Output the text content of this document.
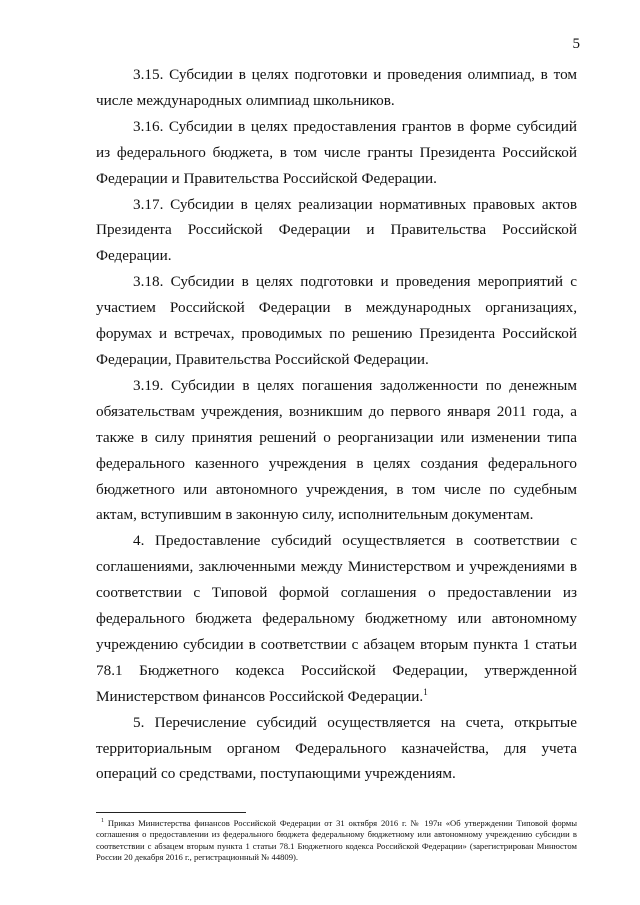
5

3.15. Субсидии в целях подготовки и проведения олимпиад, в том числе международных олимпиад школьников.

3.16. Субсидии в целях предоставления грантов в форме субсидий из федерального бюджета, в том числе гранты Президента Российской Федерации и Правительства Российской Федерации.

3.17. Субсидии в целях реализации нормативных правовых актов Президента Российской Федерации и Правительства Российской Федерации.

3.18. Субсидии в целях подготовки и проведения мероприятий с участием Российской Федерации в международных организациях, форумах и встречах, проводимых по решению Президента Российской Федерации, Правительства Российской Федерации.

3.19. Субсидии в целях погашения задолженности по денежным обязательствам учреждения, возникшим до первого января 2011 года, а также в силу принятия решений о реорганизации или изменении типа федерального казенного учреждения в целях создания федерального бюджетного или автономного учреждения, в том числе по судебным актам, вступившим в законную силу, исполнительным документам.

4. Предоставление субсидий осуществляется в соответствии с соглашениями, заключенными между Министерством и учреждениями в соответствии с Типовой формой соглашения о предоставлении из федерального бюджета федеральному бюджетному или автономному учреждению субсидии в соответствии с абзацем вторым пункта 1 статьи 78.1 Бюджетного кодекса Российской Федерации, утвержденной Министерством финансов Российской Федерации.$^1$

5. Перечисление субсидий осуществляется на счета, открытые территориальным органом Федерального казначейства, для учета операций со средствами, поступающими учреждениям.

$^1$ Приказ Министерства финансов Российской Федерации от 31 октября 2016 г. № 197н «Об утверждении Типовой формы соглашения о предоставлении из федерального бюджета федеральному бюджетному или автономному учреждению субсидии в соответствии с абзацем вторым пункта 1 статьи 78.1 Бюджетного кодекса Российской Федерации» (зарегистрирован Минюстом России 20 декабря 2016 г., регистрационный № 44809).
